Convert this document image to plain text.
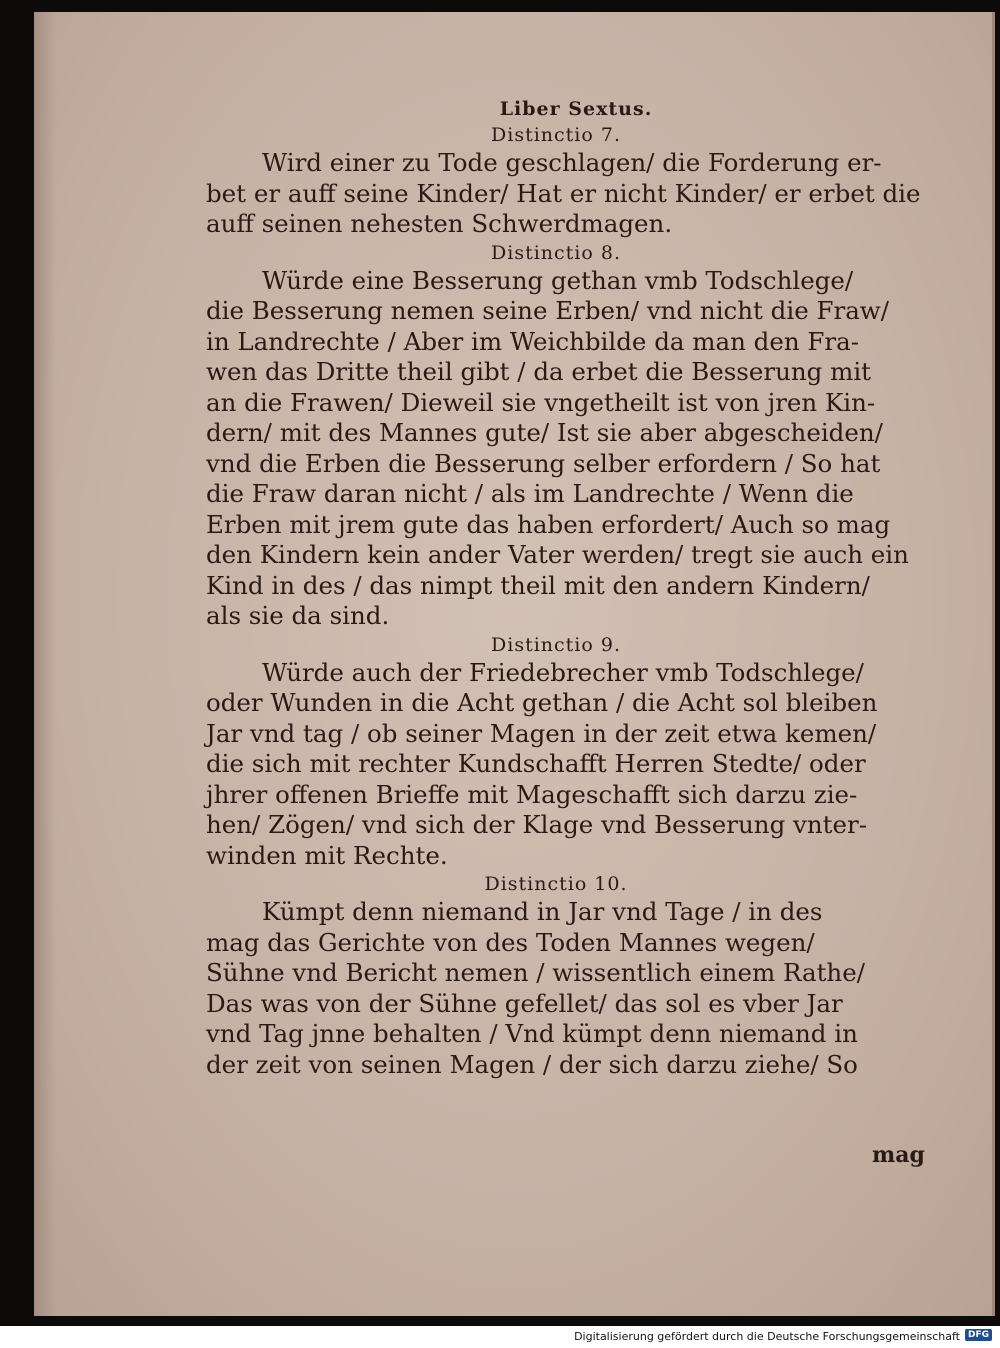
Liber Sextus.
Distinctio 7.

Wird einer zu Tode geschlagen/ die Forderung er-
bet er auff seine Kinder/ Hat er nicht Kinder/ er erbet die
auff seinen nehesten Schwerdmagen.

Distinctio 8.

Würde eine Besserung gethan vmb Todschlege/
die Besserung nemen seine Erben/ vnd nicht die Fraw/
in Landrechte / Aber im Weichbilde da man den Fra-
wen das Dritte theil gibt / da erbet die Besserung mit
an die Frawen/ Dieweil sie vngetheilt ist von jren Kin-
dern/ mit des Mannes gute/ Ist sie aber abgescheiden/
vnd die Erben die Besserung selber erfordern / So hat
die Fraw daran nicht / als im Landrechte / Wenn die
Erben mit jrem gute das haben erfordert/ Auch so mag
den Kindern kein ander Vater werden/ tregt sie auch ein
Kind in des / das nimpt theil mit den andern Kindern/
als sie da sind.

Distinctio 9.

Würde auch der Friedebrecher vmb Todschlege/
oder Wunden in die Acht gethan / die Acht sol bleiben
Jar vnd tag / ob seiner Magen in der zeit etwa kemen/
die sich mit rechter Kundschafft Herren Stedte/ oder
jhrer offenen Brieffe mit Mageschafft sich darzu zie-
hen/ Zögen/ vnd sich der Klage vnd Besserung vnter-
winden mit Rechte.

Distinctio 10.

Kümpt denn niemand in Jar vnd Tage / in des
mag das Gerichte von des Toden Mannes wegen/
Sühne vnd Bericht nemen / wissentlich einem Rathe/
Das was von der Sühne gefellet/ das sol es vber Jar
vnd Tag jnne behalten / Vnd kümpt denn niemand in
der zeit von seinen Magen / der sich darzu ziehe/ So

mag
Digitalisierung gefördert durch die Deutsche Forschungsgemeinschaft DFG
